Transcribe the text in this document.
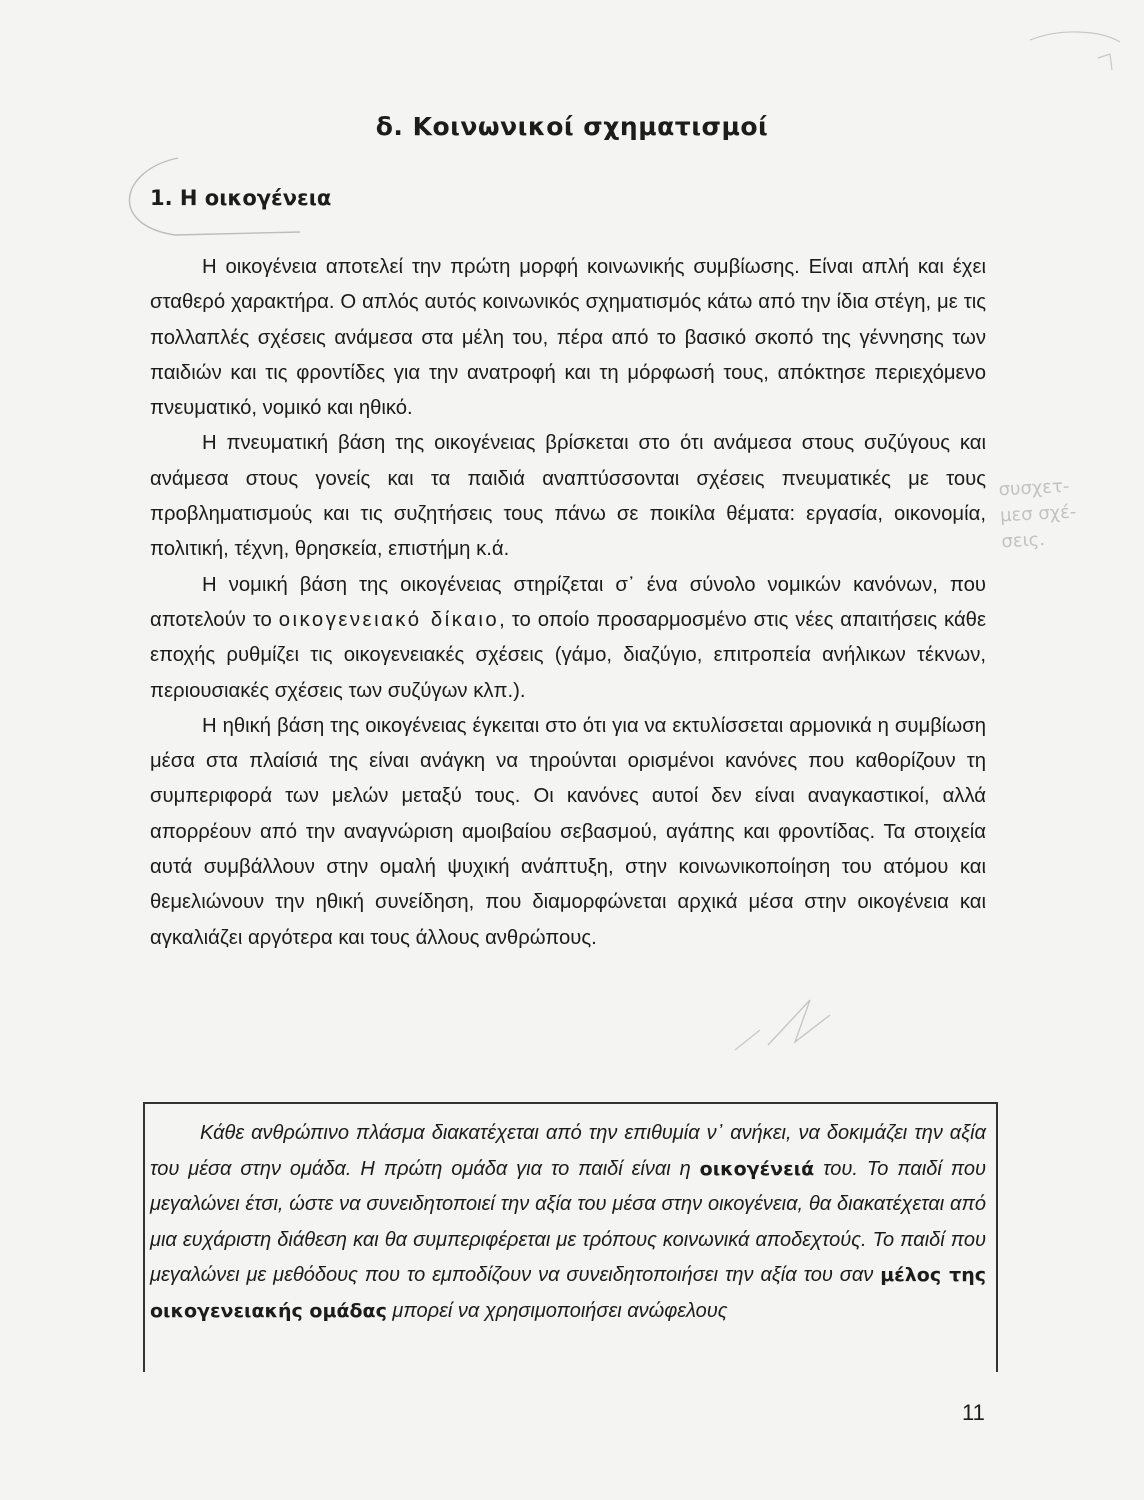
δ. Κοινωνικοί σχηματισμοί
1. Η οικογένεια

Η οικογένεια αποτελεί την πρώτη μορφή κοινωνικής συμβίωσης. Είναι απλή και έχει σταθερό χαρακτήρα. Ο απλός αυτός κοινωνικός σχηματισμός κάτω από την ίδια στέγη, με τις πολλαπλές σχέσεις ανάμεσα στα μέλη του, πέρα από το βασικό σκοπό της γέννησης των παιδιών και τις φροντίδες για την ανατροφή και τη μόρφωσή τους, απόκτησε περιεχόμενο πνευματικό, νομικό και ηθικό.

Η πνευματική βάση της οικογένειας βρίσκεται στο ότι ανάμεσα στους συζύγους και ανάμεσα στους γονείς και τα παιδιά αναπτύσσονται σχέσεις πνευματικές με τους προβληματισμούς και τις συζητήσεις τους πάνω σε ποικίλα θέματα: εργασία, οικονομία, πολιτική, τέχνη, θρησκεία, επιστήμη κ.ά.

Η νομική βάση της οικογένειας στηρίζεται σ᾽ ένα σύνολο νομικών κανόνων, που αποτελούν το οικογενειακό δίκαιο, το οποίο προσαρμοσμένο στις νέες απαιτήσεις κάθε εποχής ρυθμίζει τις οικογενειακές σχέσεις (γάμο, διαζύγιο, επιτροπεία ανήλικων τέκνων, περιουσιακές σχέσεις των συζύγων κλπ.).

Η ηθική βάση της οικογένειας έγκειται στο ότι για να εκτυλίσσεται αρμονικά η συμβίωση μέσα στα πλαίσιά της είναι ανάγκη να τηρούνται ορισμένοι κανόνες που καθορίζουν τη συμπεριφορά των μελών μεταξύ τους. Οι κανόνες αυτοί δεν είναι αναγκαστικοί, αλλά απορρέουν από την αναγνώριση αμοιβαίου σεβασμού, αγάπης και φροντίδας. Τα στοιχεία αυτά συμβάλλουν στην ομαλή ψυχική ανάπτυξη, στην κοινωνικοποίηση του ατόμου και θεμελιώνουν την ηθική συνείδηση, που διαμορφώνεται αρχικά μέσα στην οικογένεια και αγκαλιάζει αργότερα και τους άλλους ανθρώπους.

συσχετ-
μεσ σχέ-
σεις.
Κάθε ανθρώπινο πλάσμα διακατέχεται από την επιθυμία ν᾽ ανήκει, να δοκιμάζει την αξία του μέσα στην ομάδα. Η πρώτη ομάδα για το παιδί είναι η οικογένειά του. Το παιδί που μεγαλώνει έτσι, ώστε να συνειδητοποιεί την αξία του μέσα στην οικογένεια, θα διακατέχεται από μια ευχάριστη διάθεση και θα συμπεριφέρεται με τρόπους κοινωνικά αποδεχτούς. Το παιδί που μεγαλώνει με μεθόδους που το εμποδίζουν να συνειδητοποιήσει την αξία του σαν μέλος της οικογενειακής ομάδας μπορεί να χρησιμοποιήσει ανώφελους
11
